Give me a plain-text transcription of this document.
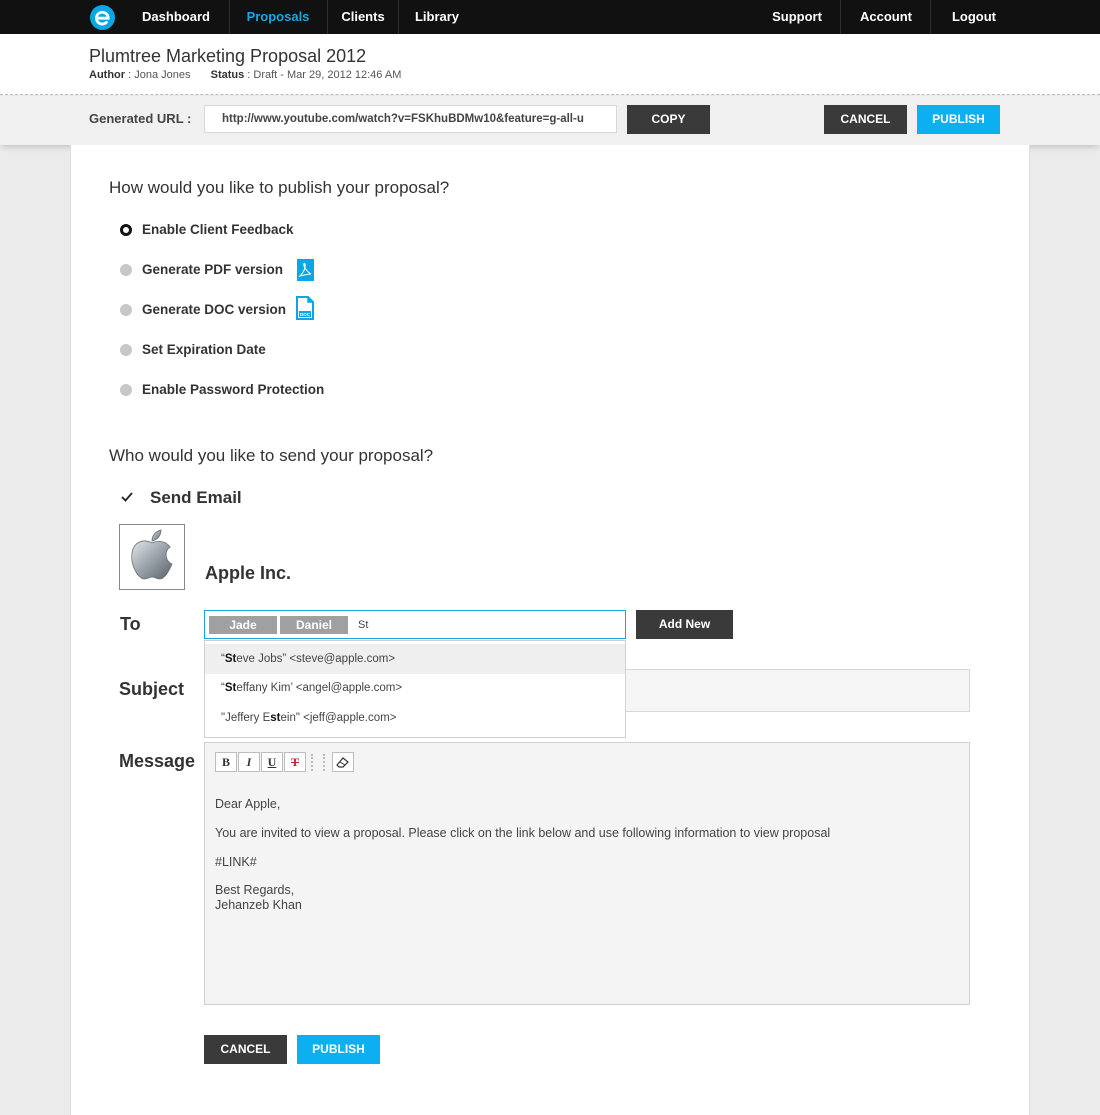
Dashboard	Proposals	Clients	Library	Support	Account	Logout
Plumtree Marketing Proposal 2012
Author : Jona Jones Status : Draft - Mar 29, 2012 12:46 AM
Generated URL :	http://www.youtube.com/watch?v=FSKhuBDMw10&feature=g-all-u	COPY	CANCEL	PUBLISH
How would you like to publish your proposal?
Enable Client Feedback
Generate PDF version
Generate DOC version	DOC
Set Expiration Date
Enable Password Protection
Who would you like to send your proposal?
Send Email
Apple Inc.
To	Jade	Daniel	St	Add New
Subject
“Steve Jobs” <steve@apple.com>
“Steffany Kim’ <angel@apple.com>
"Jeffery Estein" <jeff@apple.com>
Message	B	I	U	T
Dear Apple,
You are invited to view a proposal. Please click on the link below and use following information to view proposal
#LINK#
Best Regards,
Jehanzeb Khan
CANCEL	PUBLISH
